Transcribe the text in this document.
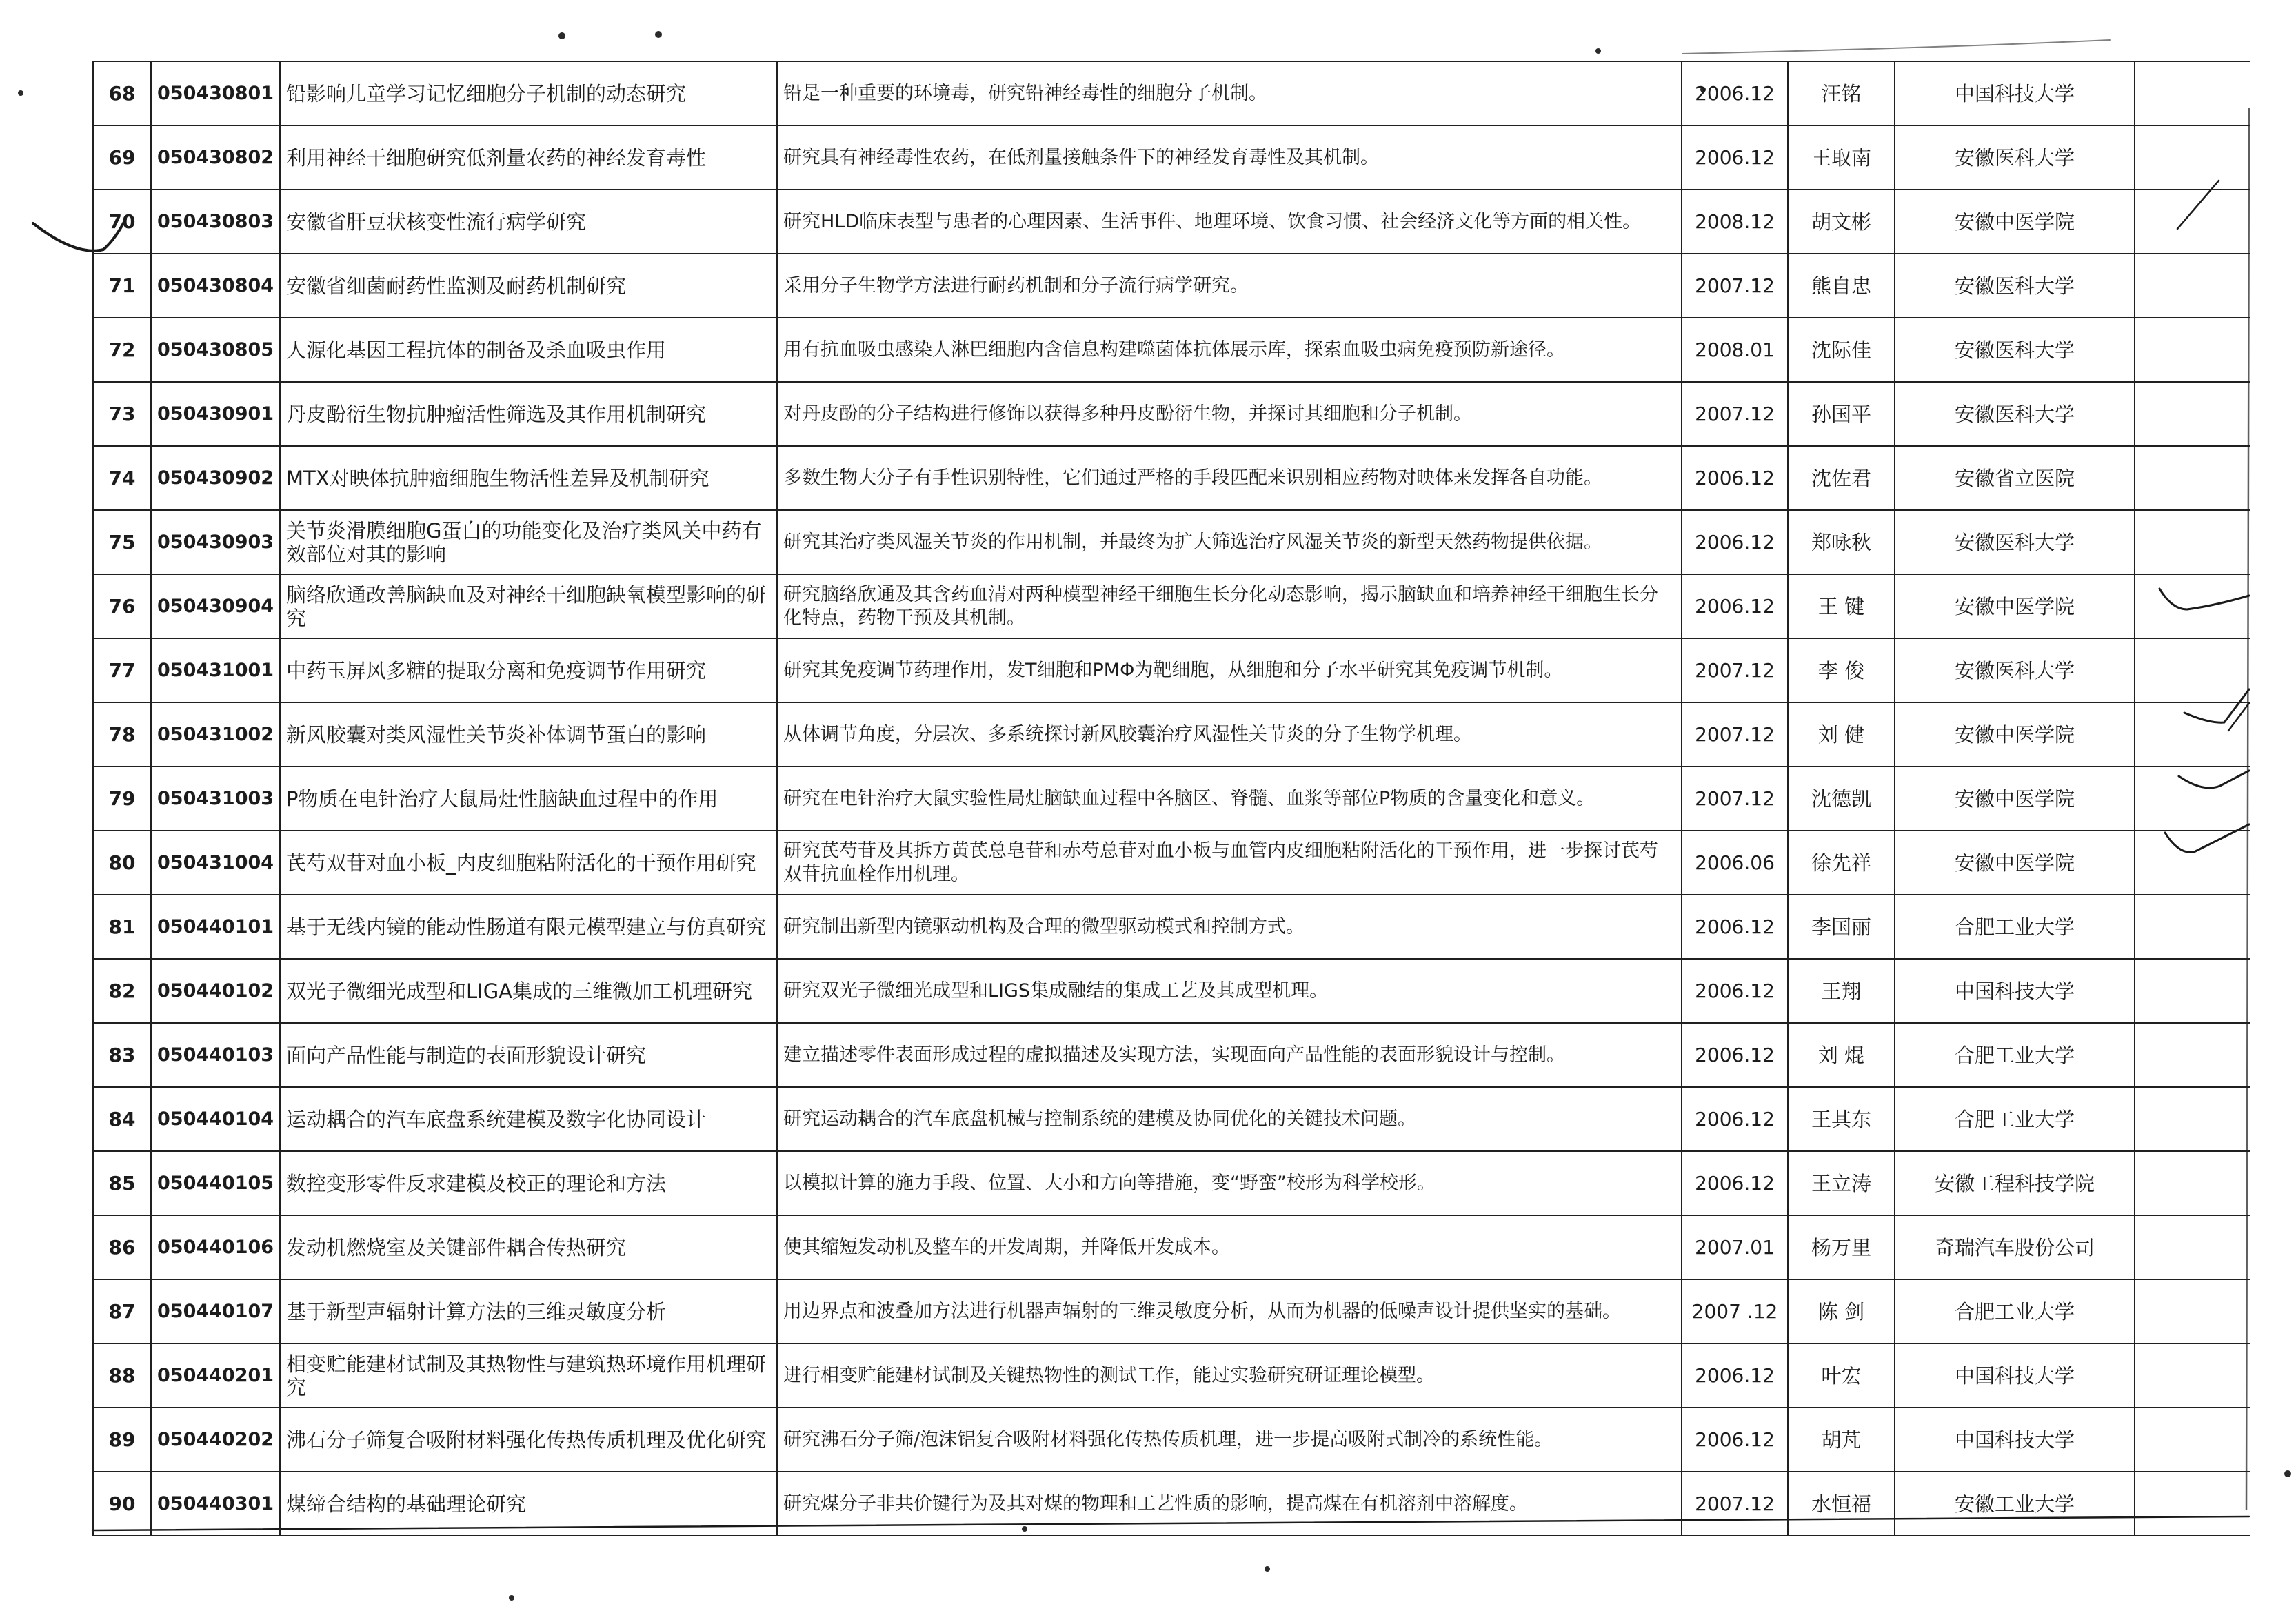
68	050430801	铅影响儿童学习记忆细胞分子机制的动态研究	铅是一种重要的环境毒，研究铅神经毒性的细胞分子机制。	2006.12	汪铭	中国科技大学	
69	050430802	利用神经干细胞研究低剂量农药的神经发育毒性	研究具有神经毒性农药，在低剂量接触条件下的神经发育毒性及其机制。	2006.12	王取南	安徽医科大学	
70	050430803	安徽省肝豆状核变性流行病学研究	研究HLD临床表型与患者的心理因素、生活事件、地理环境、饮食习惯、社会经济文化等方面的相关性。	2008.12	胡文彬	安徽中医学院	
71	050430804	安徽省细菌耐药性监测及耐药机制研究	采用分子生物学方法进行耐药机制和分子流行病学研究。	2007.12	熊自忠	安徽医科大学	
72	050430805	人源化基因工程抗体的制备及杀血吸虫作用	用有抗血吸虫感染人淋巴细胞内含信息构建噬菌体抗体展示库，探索血吸虫病免疫预防新途径。	2008.01	沈际佳	安徽医科大学	
73	050430901	丹皮酚衍生物抗肿瘤活性筛选及其作用机制研究	对丹皮酚的分子结构进行修饰以获得多种丹皮酚衍生物，并探讨其细胞和分子机制。	2007.12	孙国平	安徽医科大学	
74	050430902	MTX对映体抗肿瘤细胞生物活性差异及机制研究	多数生物大分子有手性识别特性，它们通过严格的手段匹配来识别相应药物对映体来发挥各自功能。	2006.12	沈佐君	安徽省立医院	
75	050430903	关节炎滑膜细胞G蛋白的功能变化及治疗类风关中药有效部位对其的影响	研究其治疗类风湿关节炎的作用机制，并最终为扩大筛选治疗风湿关节炎的新型天然药物提供依据。	2006.12	郑咏秋	安徽医科大学	
76	050430904	脑络欣通改善脑缺血及对神经干细胞缺氧模型影响的研究	研究脑络欣通及其含药血清对两种模型神经干细胞生长分化动态影响，揭示脑缺血和培养神经干细胞生长分化特点，药物干预及其机制。	2006.12	王 键	安徽中医学院	
77	050431001	中药玉屏风多糖的提取分离和免疫调节作用研究	研究其免疫调节药理作用，发T细胞和PMΦ为靶细胞，从细胞和分子水平研究其免疫调节机制。	2007.12	李 俊	安徽医科大学	
78	050431002	新风胶囊对类风湿性关节炎补体调节蛋白的影响	从体调节角度，分层次、多系统探讨新风胶囊治疗风湿性关节炎的分子生物学机理。	2007.12	刘 健	安徽中医学院	
79	050431003	P物质在电针治疗大鼠局灶性脑缺血过程中的作用	研究在电针治疗大鼠实验性局灶脑缺血过程中各脑区、脊髓、血浆等部位P物质的含量变化和意义。	2007.12	沈德凯	安徽中医学院	
80	050431004	芪芍双苷对血小板_内皮细胞粘附活化的干预作用研究	研究芪芍苷及其拆方黄芪总皂苷和赤芍总苷对血小板与血管内皮细胞粘附活化的干预作用，进一步探讨芪芍双苷抗血栓作用机理。	2006.06	徐先祥	安徽中医学院	
81	050440101	基于无线内镜的能动性肠道有限元模型建立与仿真研究	研究制出新型内镜驱动机构及合理的微型驱动模式和控制方式。	2006.12	李国丽	合肥工业大学	
82	050440102	双光子微细光成型和LIGA集成的三维微加工机理研究	研究双光子微细光成型和LIGS集成融结的集成工艺及其成型机理。	2006.12	王翔	中国科技大学	
83	050440103	面向产品性能与制造的表面形貌设计研究	建立描述零件表面形成过程的虚拟描述及实现方法，实现面向产品性能的表面形貌设计与控制。	2006.12	刘 焜	合肥工业大学	
84	050440104	运动耦合的汽车底盘系统建模及数字化协同设计	研究运动耦合的汽车底盘机械与控制系统的建模及协同优化的关键技术问题。	2006.12	王其东	合肥工业大学	
85	050440105	数控变形零件反求建模及校正的理论和方法	以模拟计算的施力手段、位置、大小和方向等措施，变“野蛮”校形为科学校形。	2006.12	王立涛	安徽工程科技学院	
86	050440106	发动机燃烧室及关键部件耦合传热研究	使其缩短发动机及整车的开发周期，并降低开发成本。	2007.01	杨万里	奇瑞汽车股份公司	
87	050440107	基于新型声辐射计算方法的三维灵敏度分析	用边界点和波叠加方法进行机器声辐射的三维灵敏度分析，从而为机器的低噪声设计提供坚实的基础。	2007 .12	陈 剑	合肥工业大学	
88	050440201	相变贮能建材试制及其热物性与建筑热环境作用机理研究	进行相变贮能建材试制及关键热物性的测试工作，能过实验研究研证理论模型。	2006.12	叶宏	中国科技大学	
89	050440202	沸石分子筛复合吸附材料强化传热传质机理及优化研究	研究沸石分子筛/泡沫铝复合吸附材料强化传热传质机理，进一步提高吸附式制冷的系统性能。	2006.12	胡芃	中国科技大学	
90	050440301	煤缔合结构的基础理论研究	研究煤分子非共价键行为及其对煤的物理和工艺性质的影响，提高煤在有机溶剂中溶解度。	2007.12	水恒福	安徽工业大学	
